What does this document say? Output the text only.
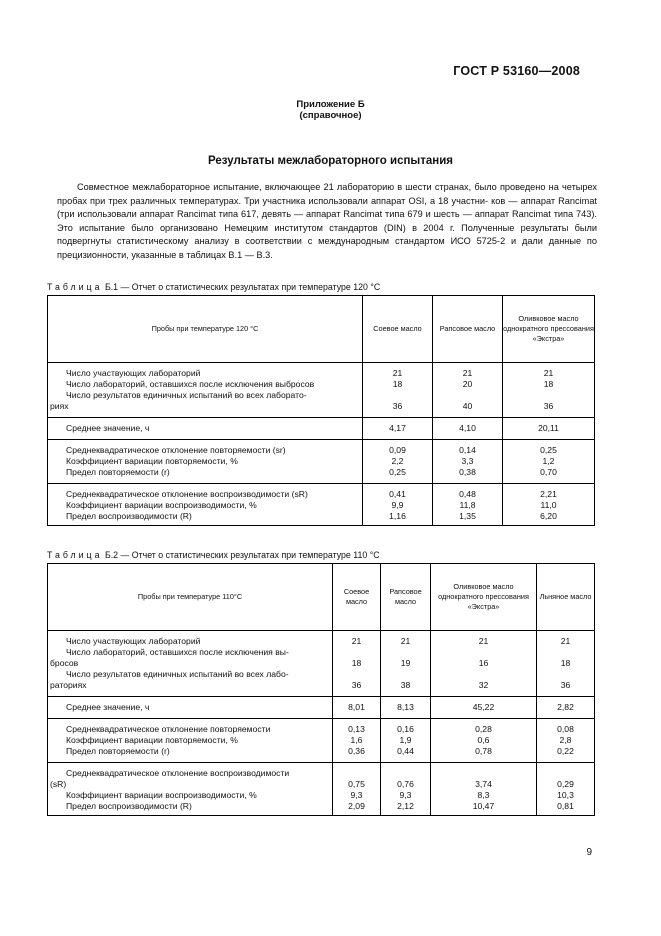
ГОСТ Р 53160—2008
Приложение Б
(справочное)
Результаты межлабораторного испытания
Совместное межлабораторное испытание, включающее 21 лабораторию в шести странах, было проведено на четырех пробах при трех различных температурах. Три участника использовали аппарат OSI, а 18 участни- ков — аппарат Rancimat (три использовали аппарат Rancimat типа 617, девять — аппарат Rancimat типа 679 и шесть — аппарат Rancimat типа 743). Это испытание было организовано Немецким институтом стандартов (DIN) в 2004 г. Полученные результаты были подвергнуты статистическому анализу в соответствии с международным стандартом ИСО 5725-2 и дали данные по прецизионности, указанные в таблицах В.1 — В.3.
Таблица Б.1 — Отчет о статистических результатах при температуре 120 °С
Пробы при температуре 120 °С	Соевое масло	Рапсовое масло	Оливковое масло однократного прессования «Экстра»

Число участвующих лабораторий	21	21	21
Число лабораторий, оставшихся после исключения выбросов	18	20	18
Число результатов единичных испытаний во всех лаборато-
риях	36	40	36

Среднее значение, ч	4,17	4,10	20,11

Среднеквадратическое отклонение повторяемости (sr)	0,09	0,14	0,25
Коэффициент вариации повторяемости, %	2,2	3,3	1,2
Предел повторяемости (r)	0,25	0,38	0,70

Среднеквадратическое отклонение воспроизводимости (sR)	0,41	0,48	2,21
Коэффициент вариации воспроизводимости, %	9,9	11,8	11,0
Предел воспроизводимости (R)	1,16	1,35	6,20
Таблица Б.2 — Отчет о статистических результатах при температуре 110 °С
Пробы при температуре 110°С	Соевое масло	Рапсовое масло	Оливковое масло однократного прессования «Экстра»	Льняное масло

Число участвующих лабораторий	21	21	21	21
Число лабораторий, оставшихся после исключения вы-
бросов	18	19	16	18
Число результатов единичных испытаний во всех лабо-
раториях	36	38	32	36

Среднее значение, ч	8,01	8,13	45,22	2,82

Среднеквадратическое отклонение повторяемости	0,13	0,16	0,28	0,08
Коэффициент вариации повторяемости, %	1,6	1,9	0,6	2,8
Предел повторяемости (r)	0,36	0,44	0,78	0,22

Среднеквадратическое отклонение воспроизводимости
(sR)	0,75	0,76	3,74	0,29
Коэффициент вариации воспроизводимости, %	9,3	9,3	8,3	10,3
Предел воспроизводимости (R)	2,09	2,12	10,47	0,81
9
